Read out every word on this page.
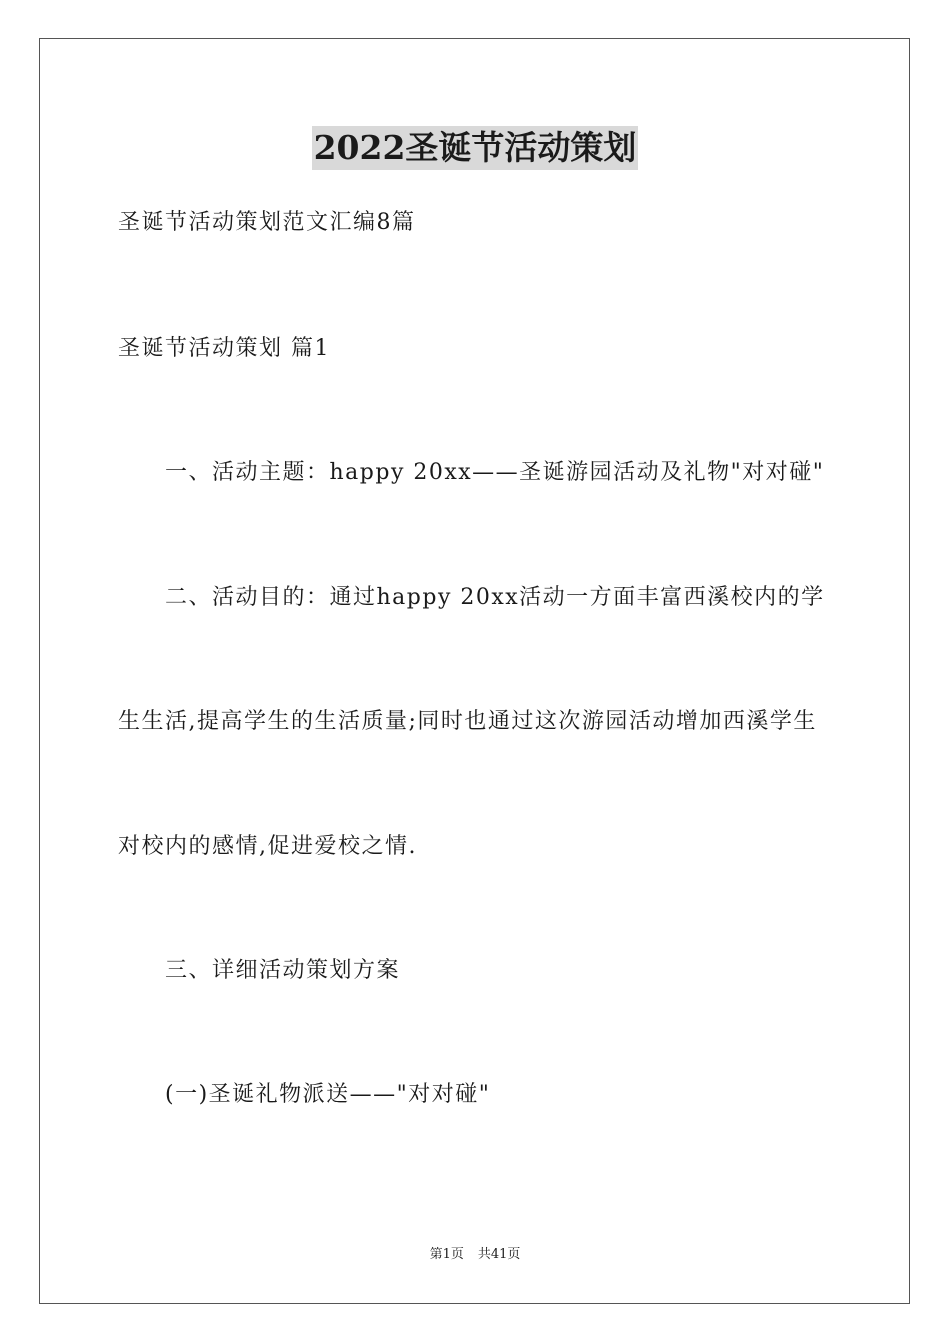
2022圣诞节活动策划
圣诞节活动策划范文汇编8篇
圣诞节活动策划 篇1
一、活动主题：happy 20xx——圣诞游园活动及礼物"对对碰"
二、活动目的：通过happy 20xx活动一方面丰富西溪校内的学
生生活,提高学生的生活质量;同时也通过这次游园活动增加西溪学生
对校内的感情,促进爱校之情.
三、详细活动策划方案
(一)圣诞礼物派送——"对对碰"
第1页 共41页
